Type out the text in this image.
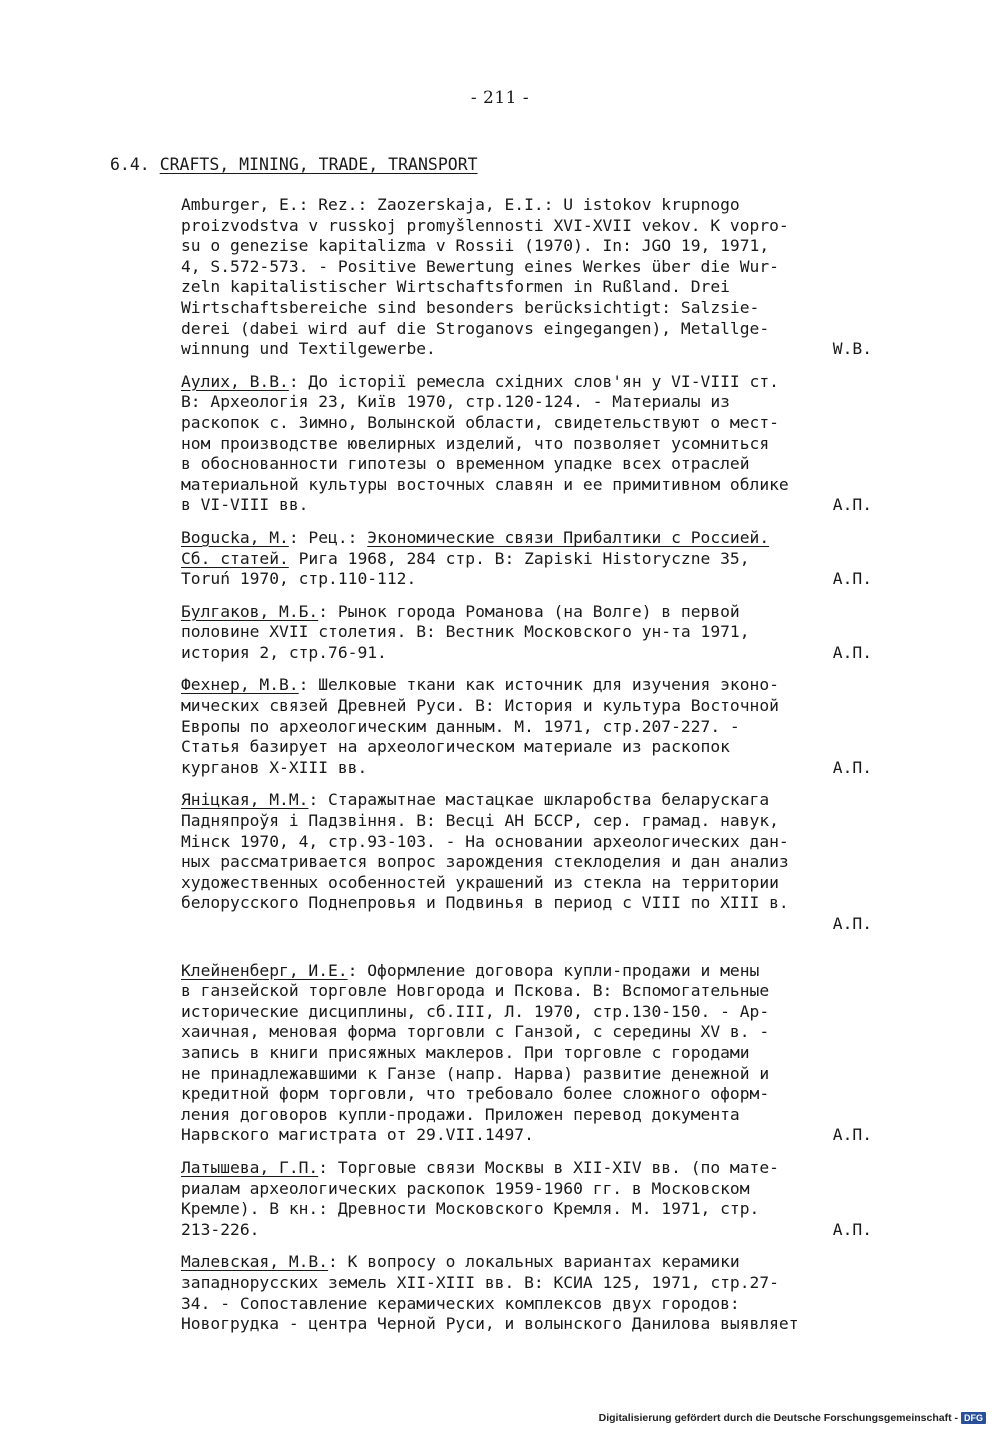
- 211 -
6.4. CRAFTS, MINING, TRADE, TRANSPORT
Amburger, E.: Rez.: Zaozerskaja, E.I.: U istokov krupnogo
proizvodstva v russkoj promyšlennosti XVI-XVII vekov. K vopro-
su o genezise kapitalizma v Rossii (1970). In: JGO 19, 1971,
4, S.572-573. - Positive Bewertung eines Werkes über die Wur-
zeln kapitalistischer Wirtschaftsformen in Rußland. Drei
Wirtschaftsbereiche sind besonders berücksichtigt: Salzsie-
derei (dabei wird auf die Stroganovs eingegangen), Metallge-
winnung und Textilgewerbe.	W.B.
Аулих, В.В.: До історії ремесла східних слов'ян у VI-VIII ст.
В: Археологія 23, Київ 1970, стр.120-124. - Материалы из
раскопок с. Зимно, Волынской области, свидетельствуют о мест-
ном производстве ювелирных изделий, что позволяет усомниться
в обоснованности гипотезы о временном упадке всех отраслей
материальной культуры восточных славян и ее примитивном облике
в VI-VIII вв.	А.П.
Bogucka, M.: Рец.: Экономические связи Прибалтики с Россией.
Сб. статей. Рига 1968, 284 стр. В: Zapiski Historyczne 35,
Toruń 1970, стр.110-112.	А.П.
Булгаков, М.Б.: Рынок города Романова (на Волге) в первой
половине XVII столетия. В: Вестник Московского ун-та 1971,
история 2, стр.76-91.	А.П.
Фехнер, М.В.: Шелковые ткани как источник для изучения эконо-
мических связей Древней Руси. В: История и культура Восточной
Европы по археологическим данным. М. 1971, стр.207-227. -
Статья базирует на археологическом материале из раскопок
курганов X-XIII вв.	А.П.
Яніцкая, М.М.: Старажытнае мастацкае шкларобства беларускага
Падняпроўя і Падзвіння. В: Весці АН БССР, сер. грамад. навук,
Мінск 1970, 4, стр.93-103. - На основании археологических дан-
ных рассматривается вопрос зарождения стеклоделия и дан анализ
художественных особенностей украшений из стекла на территории
белорусского Поднепровья и Подвинья в период с VIII по XIII в.
А.П.
Клейненберг, И.Е.: Оформление договора купли-продажи и мены
в ганзейской торговле Новгорода и Пскова. В: Вспомогательные
исторические дисциплины, сб.III, Л. 1970, стр.130-150. - Ар-
хаичная, меновая форма торговли с Ганзой, с середины XV в. -
запись в книги присяжных маклеров. При торговле с городами
не принадлежавшими к Ганзе (напр. Нарва) развитие денежной и
кредитной форм торговли, что требовало более сложного оформ-
ления договоров купли-продажи. Приложен перевод документа
Нарвского магистрата от 29.VII.1497.	А.П.
Латышева, Г.П.: Торговые связи Москвы в XII-XIV вв. (по мате-
риалам археологических раскопок 1959-1960 гг. в Московском
Кремле). В кн.: Древности Московского Кремля. М. 1971, стр.
213-226.	А.П.
Малевская, М.В.: К вопросу о локальных вариантах керамики
западнорусских земель XII-XIII вв. В: КСИА 125, 1971, стр.27-
34. - Сопоставление керамических комплексов двух городов:
Новогрудка - центра Черной Руси, и волынского Данилова выявляет
Digitalisierung gefördert durch die Deutsche Forschungsgemeinschaft - DFG
